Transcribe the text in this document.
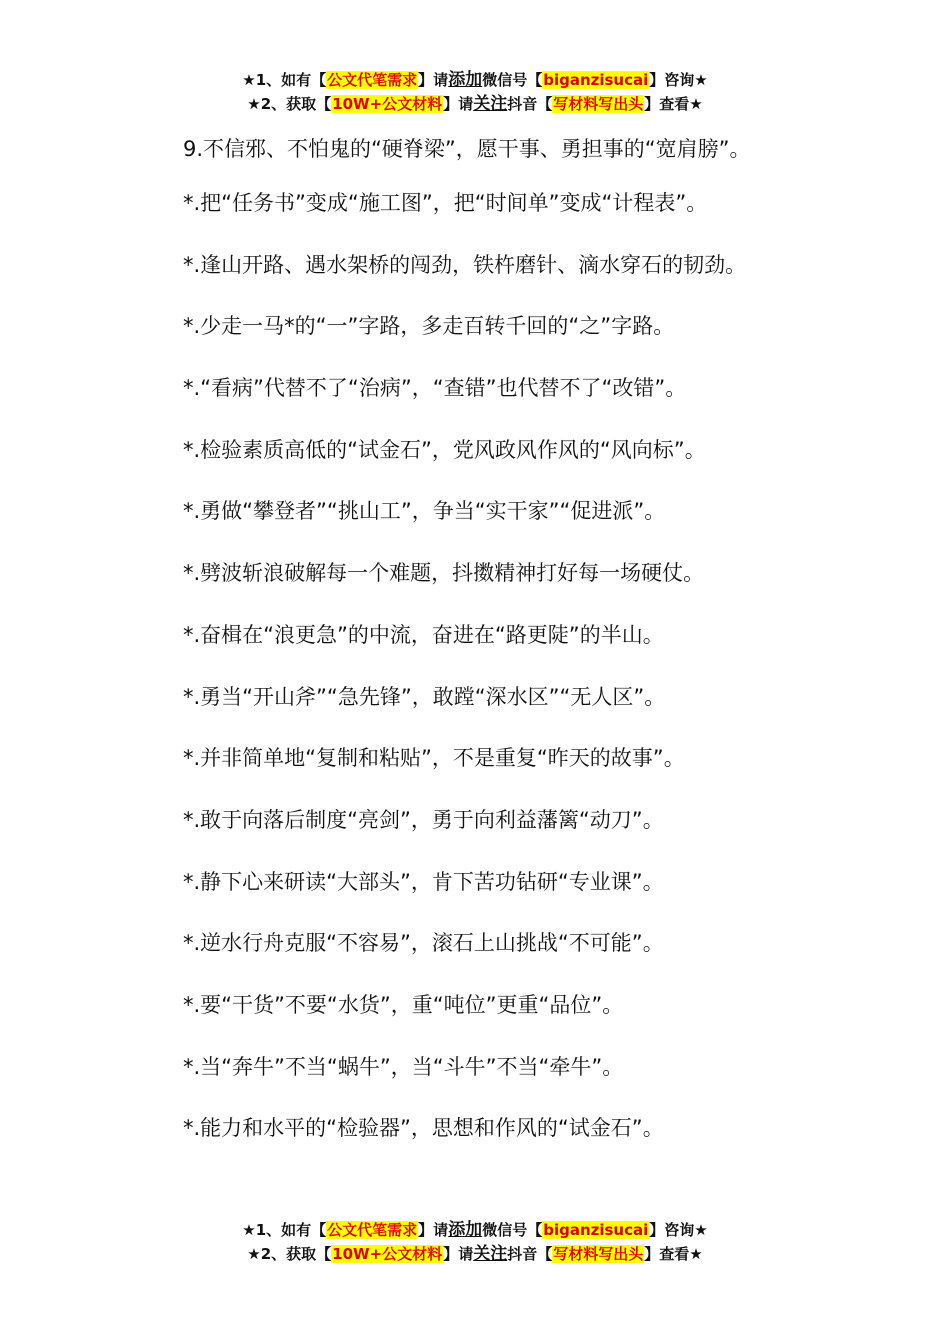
★1、如有【公文代笔需求】请添加微信号【biganzisucai】咨询★
★2、获取【10W+公文材料】请关注抖音【写材料写出头】查看★

9.不信邪、不怕鬼的“硬脊梁”，愿干事、勇担事的“宽肩膀”。

*.把“任务书”变成“施工图”，把“时间单”变成“计程表”。
*.逢山开路、遇水架桥的闯劲，铁杵磨针、滴水穿石的韧劲。
*.少走一马*的“一”字路，多走百转千回的“之”字路。
*.“看病”代替不了“治病”，“查错”也代替不了“改错”。
*.检验素质高低的“试金石”，党风政风作风的“风向标”。
*.勇做“攀登者”“挑山工”，争当“实干家”“促进派”。
*.劈波斩浪破解每一个难题，抖擞精神打好每一场硬仗。
*.奋楫在“浪更急”的中流，奋进在“路更陡”的半山。
*.勇当“开山斧”“急先锋”，敢蹚“深水区”“无人区”。
*.并非简单地“复制和粘贴”，不是重复“昨天的故事”。
*.敢于向落后制度“亮剑”，勇于向利益藩篱“动刀”。
*.静下心来研读“大部头”，肯下苦功钻研“专业课”。
*.逆水行舟克服“不容易”，滚石上山挑战“不可能”。
*.要“干货”不要“水货”，重“吨位”更重“品位”。
*.当“奔牛”不当“蜗牛”，当“斗牛”不当“牵牛”。
*.能力和水平的“检验器”，思想和作风的“试金石”。
★1、如有【公文代笔需求】请添加微信号【biganzisucai】咨询★
★2、获取【10W+公文材料】请关注抖音【写材料写出头】查看★
